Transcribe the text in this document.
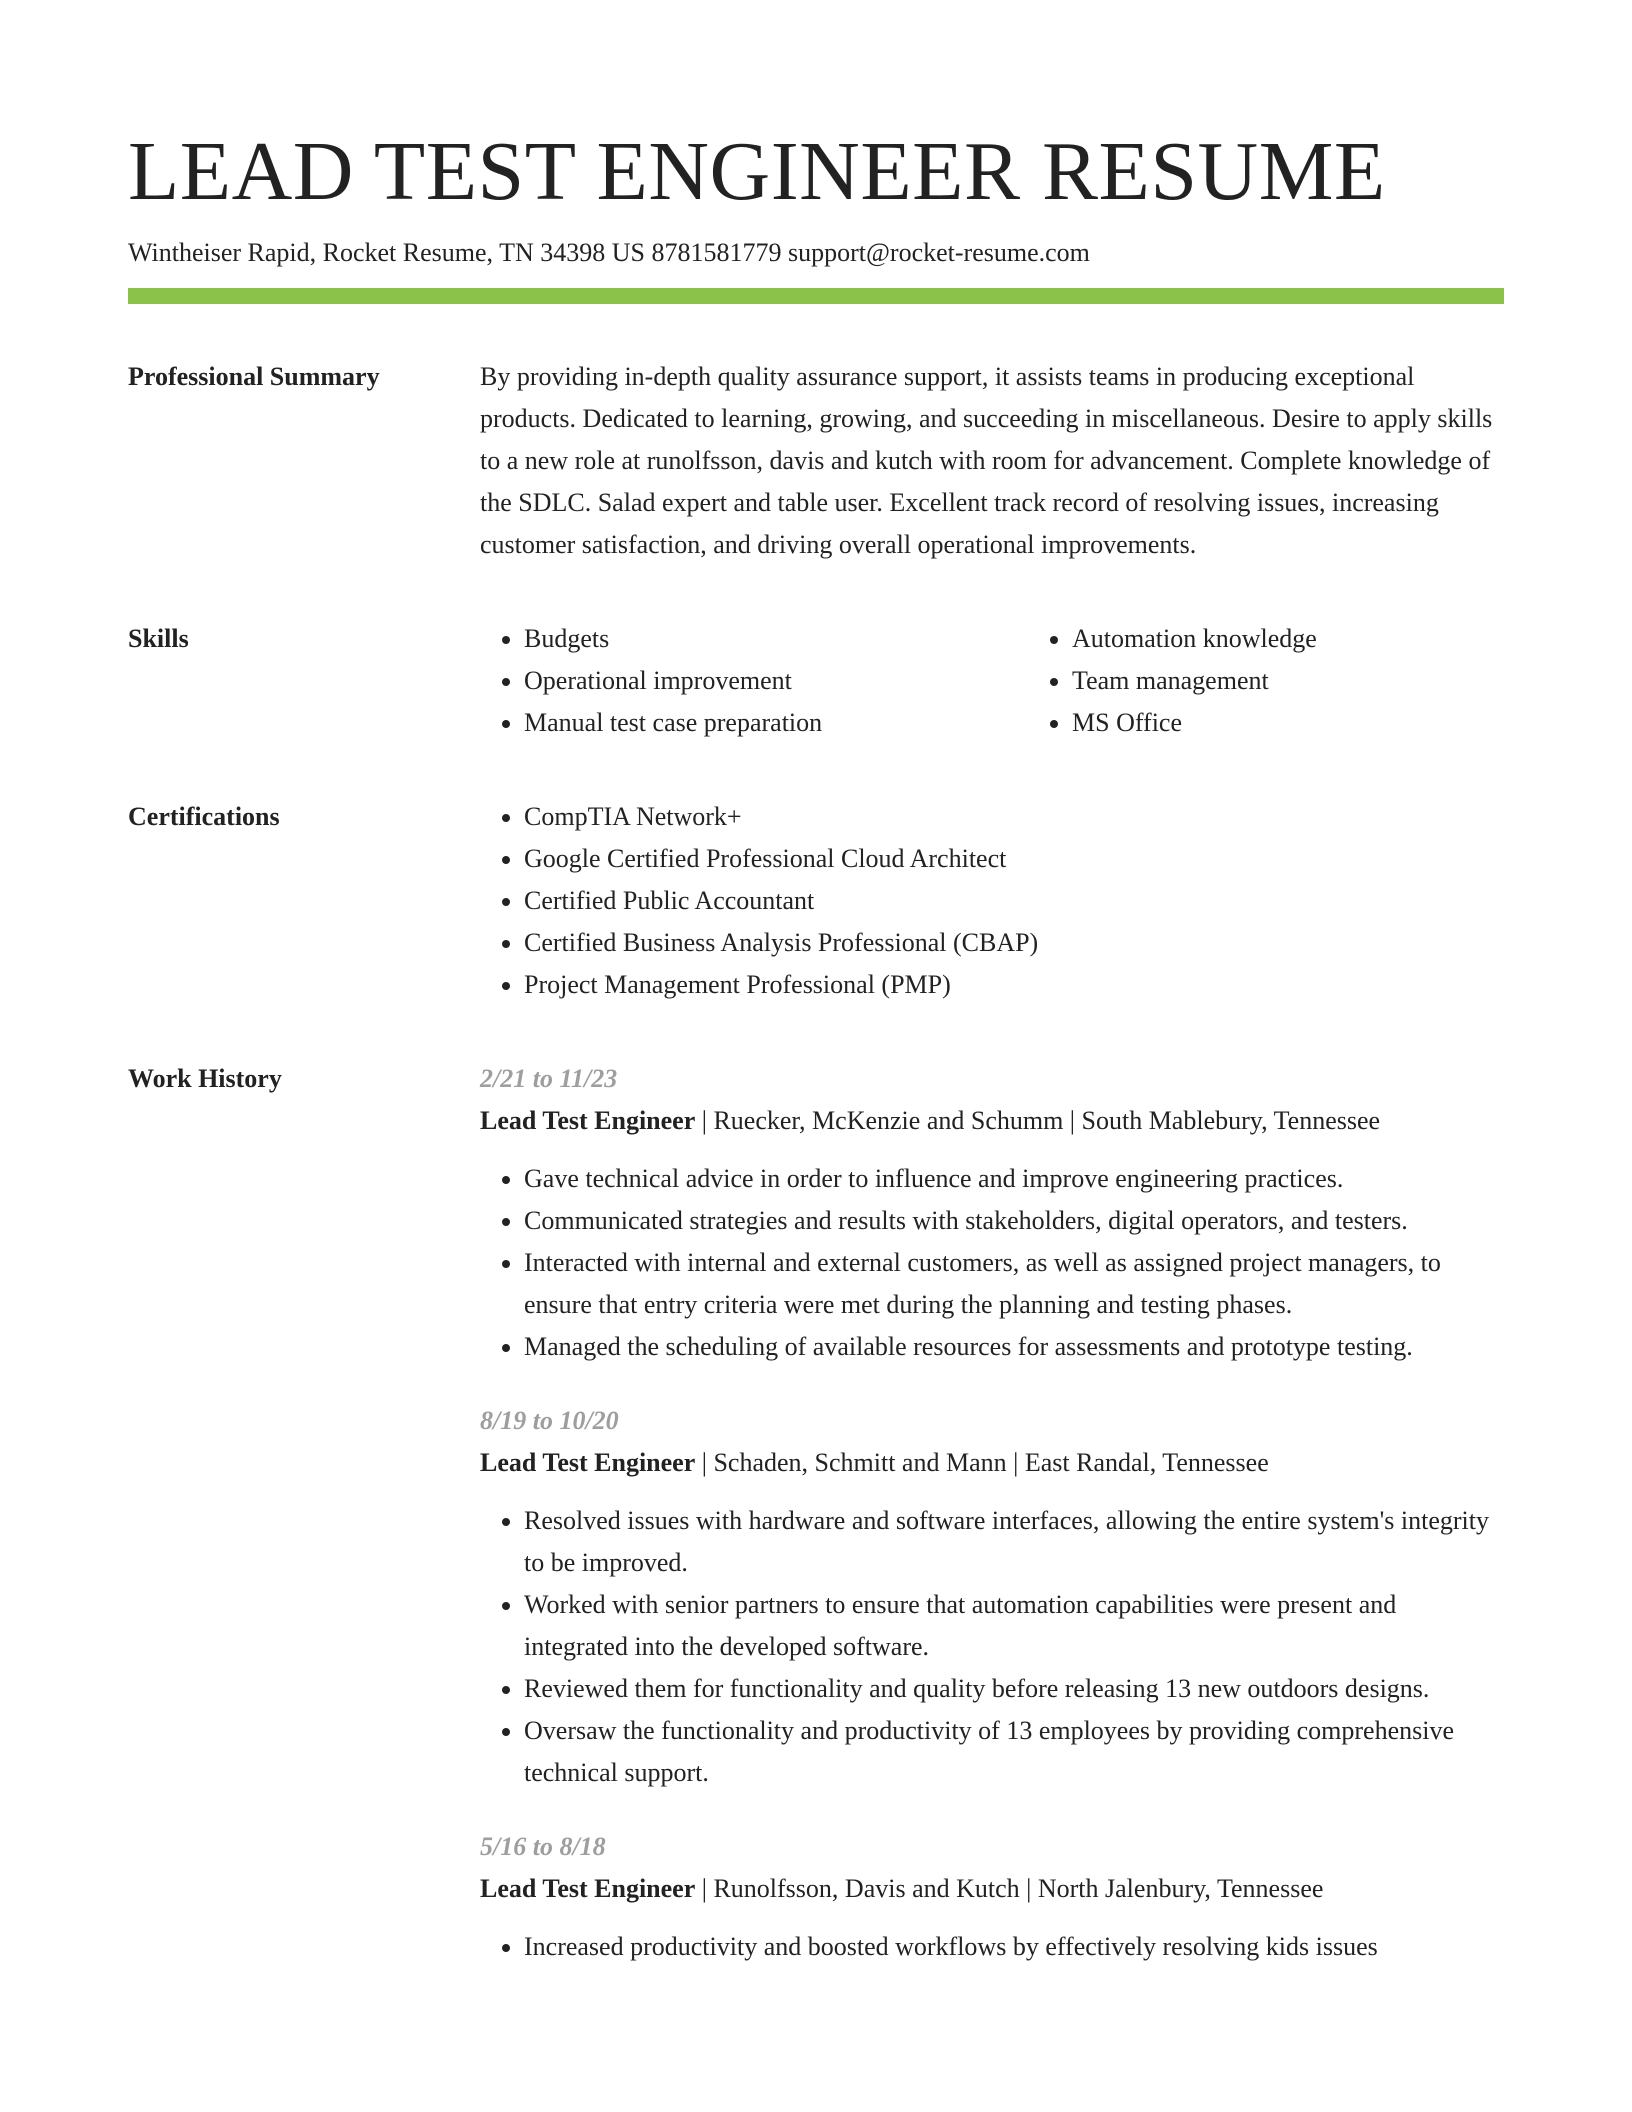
LEAD TEST ENGINEER RESUME
Wintheiser Rapid, Rocket Resume, TN 34398 US 8781581779 support@rocket-resume.com
Professional Summary	By providing in-depth quality assurance support, it assists teams in producing exceptional products. Dedicated to learning, growing, and succeeding in miscellaneous. Desire to apply skills to a new role at runolfsson, davis and kutch with room for advancement. Complete knowledge of the SDLC. Salad expert and table user. Excellent track record of resolving issues, increasing customer satisfaction, and driving overall operational improvements.

Skills	• Budgets
• Operational improvement
• Manual test case preparation
• Automation knowledge
• Team management
• MS Office
Certifications	• CompTIA Network+
• Google Certified Professional Cloud Architect
• Certified Public Accountant
• Certified Business Analysis Professional (CBAP)
• Project Management Professional (PMP)
Work History	2/21 to 11/23
Lead Test Engineer | Ruecker, McKenzie and Schumm | South Mablebury, Tennessee
• Gave technical advice in order to influence and improve engineering practices.
• Communicated strategies and results with stakeholders, digital operators, and testers.
• Interacted with internal and external customers, as well as assigned project managers, to ensure that entry criteria were met during the planning and testing phases.
• Managed the scheduling of available resources for assessments and prototype testing.
8/19 to 10/20
Lead Test Engineer | Schaden, Schmitt and Mann | East Randal, Tennessee
• Resolved issues with hardware and software interfaces, allowing the entire system's integrity to be improved.
• Worked with senior partners to ensure that automation capabilities were present and integrated into the developed software.
• Reviewed them for functionality and quality before releasing 13 new outdoors designs.
• Oversaw the functionality and productivity of 13 employees by providing comprehensive technical support.
5/16 to 8/18
Lead Test Engineer | Runolfsson, Davis and Kutch | North Jalenbury, Tennessee
• Increased productivity and boosted workflows by effectively resolving kids issues
